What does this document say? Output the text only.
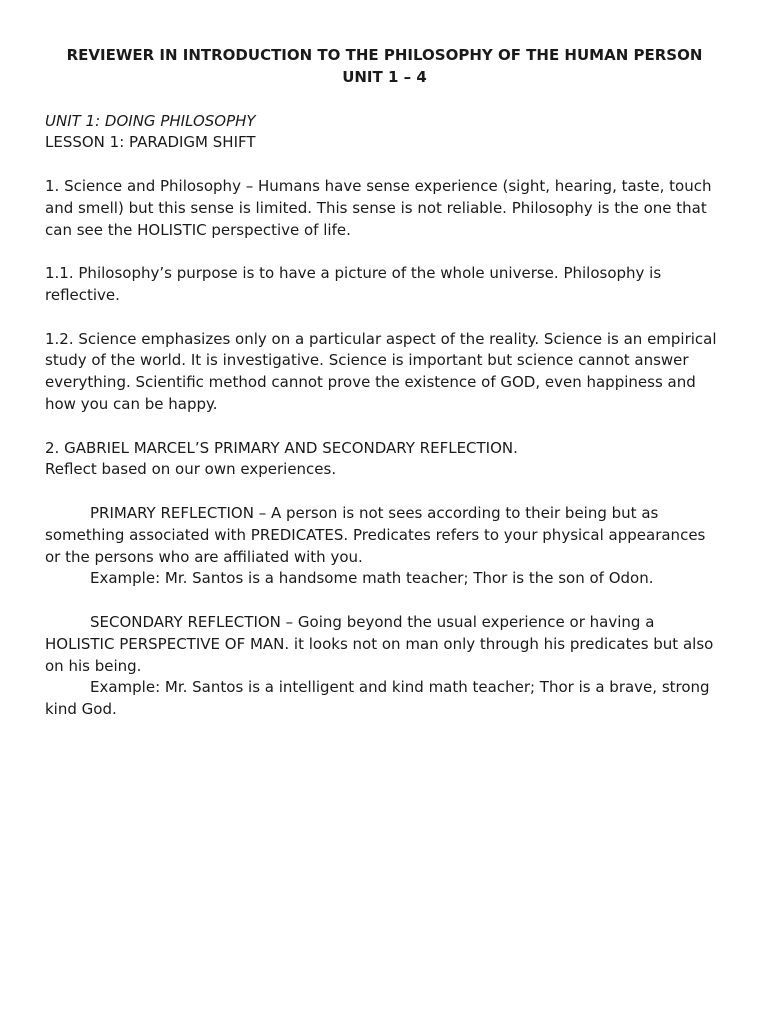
REVIEWER IN INTRODUCTION TO THE PHILOSOPHY OF THE HUMAN PERSON

UNIT 1 – 4

UNIT 1: DOING PHILOSOPHY

LESSON 1: PARADIGM SHIFT

1. Science and Philosophy – Humans have sense experience (sight, hearing, taste, touch and smell) but this sense is limited. This sense is not reliable. Philosophy is the one that can see the HOLISTIC perspective of life.

1.1. Philosophy’s purpose is to have a picture of the whole universe. Philosophy is reflective.

1.2. Science emphasizes only on a particular aspect of the reality. Science is an empirical study of the world. It is investigative. Science is important but science cannot answer everything. Scientific method cannot prove the existence of GOD, even happiness and how you can be happy.

2. GABRIEL MARCEL’S PRIMARY AND SECONDARY REFLECTION.

Reflect based on our own experiences.

PRIMARY REFLECTION – A person is not sees according to their being but as something associated with PREDICATES. Predicates refers to your physical appearances or the persons who are affiliated with you.

Example: Mr. Santos is a handsome math teacher; Thor is the son of Odon.

SECONDARY REFLECTION – Going beyond the usual experience or having a HOLISTIC PERSPECTIVE OF MAN. it looks not on man only through his predicates but also on his being.

Example: Mr. Santos is a intelligent and kind math teacher; Thor is a brave, strong kind God.
